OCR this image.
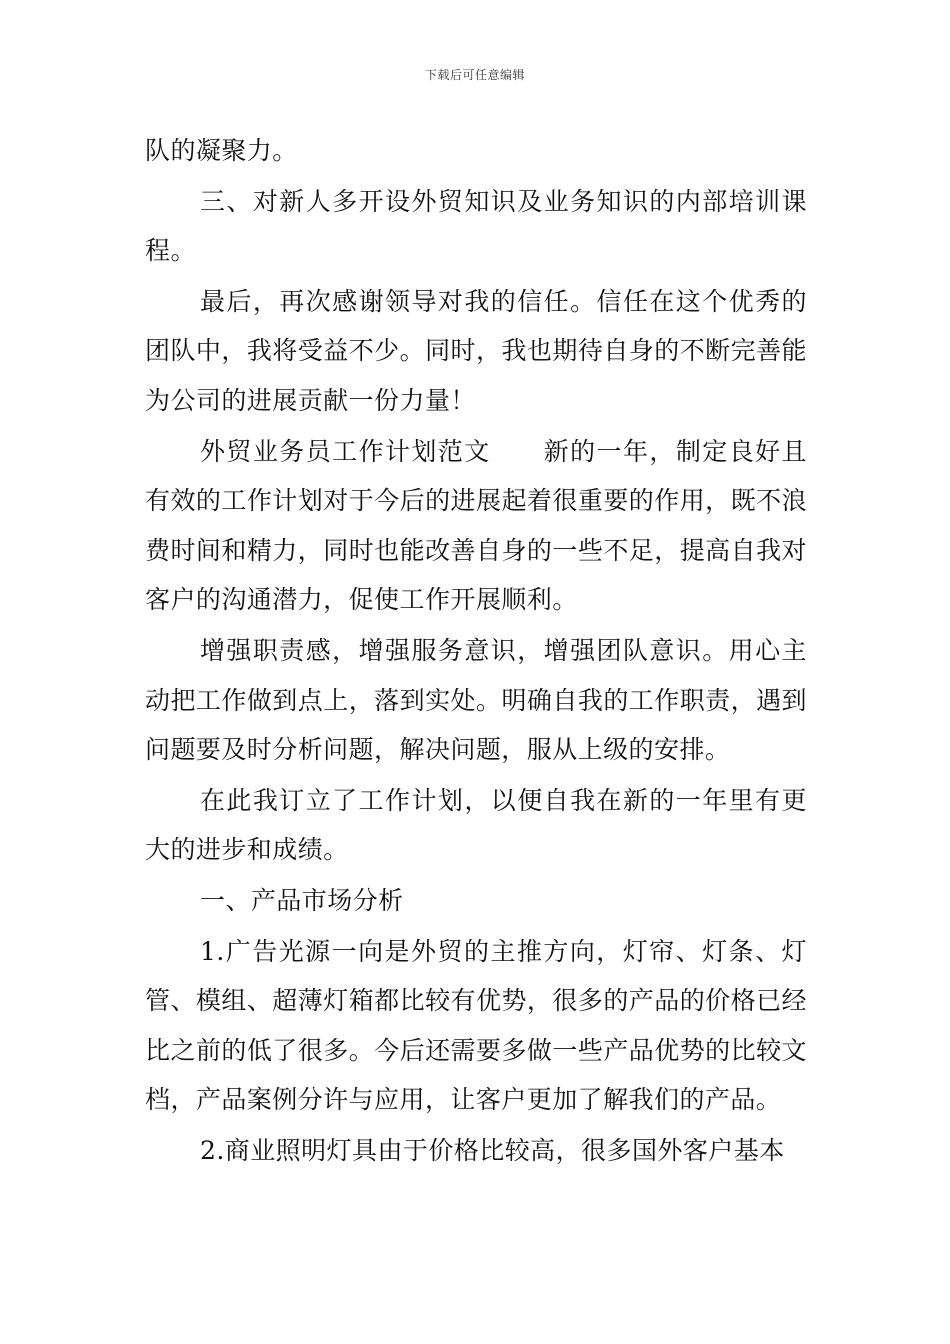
下载后可任意编辑

队的凝聚力。

三、对新人多开设外贸知识及业务知识的内部培训课程。

最后，再次感谢领导对我的信任。信任在这个优秀的团队中，我将受益不少。同时，我也期待自身的不断完善能为公司的进展贡献一份力量！

外贸业务员工作计划范文 新的一年，制定良好且有效的工作计划对于今后的进展起着很重要的作用，既不浪费时间和精力，同时也能改善自身的一些不足，提高自我对客户的沟通潜力，促使工作开展顺利。

增强职责感，增强服务意识，增强团队意识。用心主动把工作做到点上，落到实处。明确自我的工作职责，遇到问题要及时分析问题，解决问题，服从上级的安排。

在此我订立了工作计划，以便自我在新的一年里有更大的进步和成绩。

一、产品市场分析

1.广告光源一向是外贸的主推方向，灯帘、灯条、灯管、模组、超薄灯箱都比较有优势，很多的产品的价格已经比之前的低了很多。今后还需要多做一些产品优势的比较文档，产品案例分许与应用，让客户更加了解我们的产品。

2.商业照明灯具由于价格比较高，很多国外客户基本
